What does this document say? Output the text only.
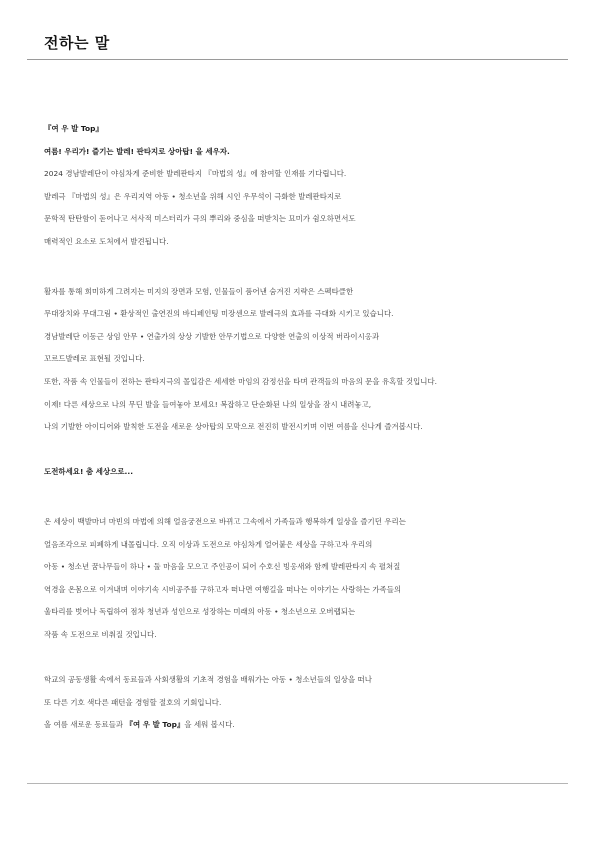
전하는 말
『여 우 발 Top』
여름! 우리가! 즐기는 발레! 판타지로 상아탑! 을 세우자.
2024 경남발레단이 야심차게 준비한 발레판타지 『마법의 성』에 참여할 인재를 기다립니다.
발레극 『마법의 성』은 우리지역 아동 • 청소년을 위해 시인 우무석이 극화한 발레판타지로
문학적 탄탄함이 돋어나고 서사적 미스터리가 극의 뿌리와 중심을 떠받치는 묘미가 쉼오하면서도
매력적인 요소로 도처에서 발견됩니다.
활자를 통해 희미하게 그려지는 미지의 장면과 모험, 인물들이 품어낸 숨겨진 지략은 스펙타클한
무대장치와 무대그림 • 환상적인 출연진의 바디페인팅 미장센으로 발레극의 효과를 극대화 시키고 있습니다.
경남발레단 이동근 상임 안무 • 연출가의 상상 기발한 안무기법으로 다양한 연출의 이상적 버라이시옹과
꼬르드발레로 표현될 것입니다.
또한, 작품 속 인물들이 전하는 판타지극의 몰입감은 세세한 마임의 감정선을 타며 관객들의 마음의 문을 유혹할 것입니다.
이제! 다른 세상으로 나의 무딘 발을 들여놓아 보세요! 복잡하고 단순화된 나의 일상을 잠시 내려놓고,
나의 기발한 아이디어와 발칙한 도전을 새로운 상아탑의 모막으로 전진히 발전시키며 이번 여름을 신나게 즐겨봅시다.
도전하세요! 춤 세상으로...
온 세상이 백발마녀 마빈의 마법에 의해 얼음궁전으로 바뀌고 그속에서 가족들과 행복하게 일상을 즐기던 우리는
얼음조각으로 피폐하게 내몰립니다. 오직 이상과 도전으로 야심차게 얼어붙은 세상을 구하고자 우리의
아동 • 청소년 꿈나무들이 하나 • 둘 마음을 모으고 주인공이 되어 수호신 빙옹새와 함께 발레판타지 속 펼쳐질
역경을 온몸으로 이겨내며 이야기속 시비공주를 구하고자 떠나면 여행길을 떠나는 이야기는 사랑하는 가족들의
울타리를 벗어나 독립하여 점차 청년과 성인으로 성장하는 미래의 아동 • 청소년으로 오버랩되는
작품 속 도전으로 비춰질 것입니다.
학교의 공동생활 속에서 동료들과 사회생활의 기초적 경험을 배워가는 아동 • 청소년들의 일상을 떠나
또 다른 기호 색다른 패턴을 경험할 절호의 기회입니다.
올 여름 새로운 동료들과 『여 우 발 Top』을 세워 봅시다.
